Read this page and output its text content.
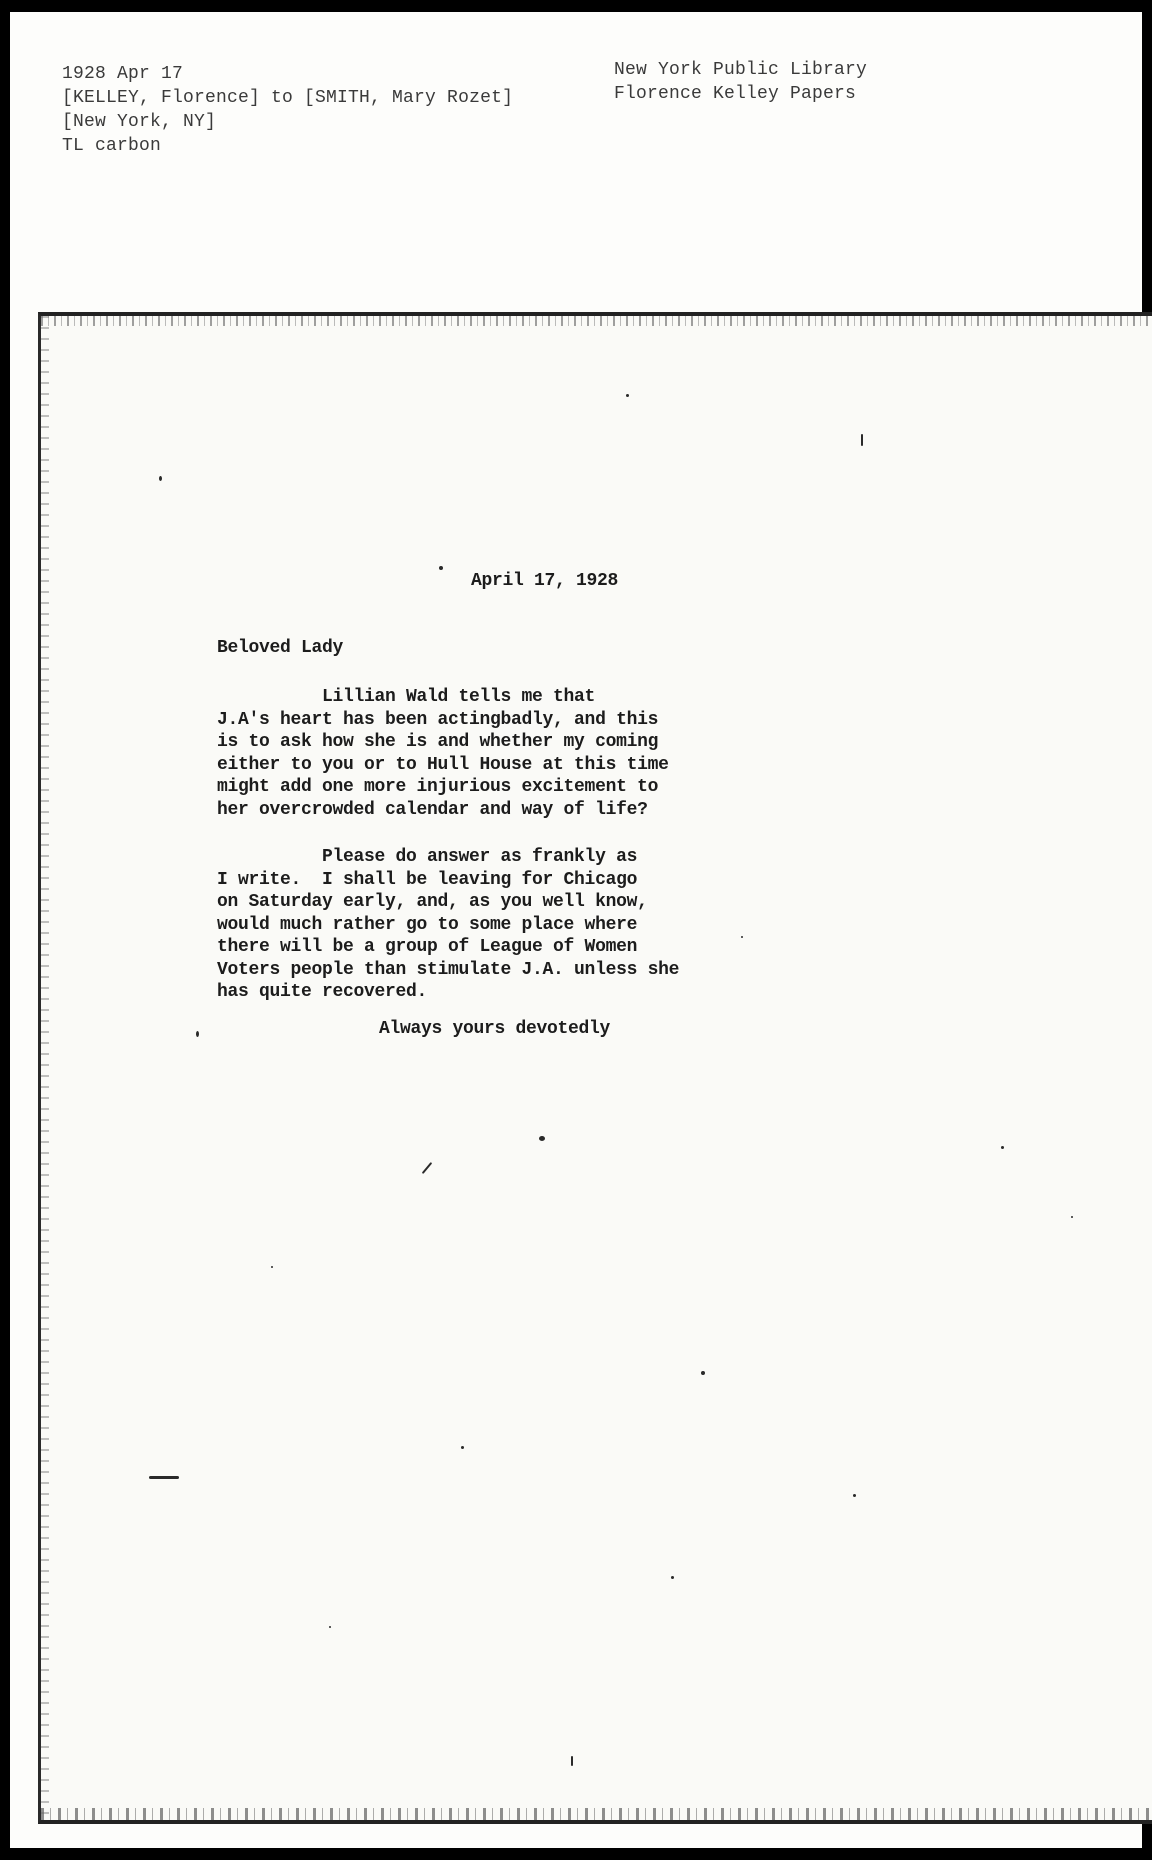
1928 Apr 17
[KELLEY, Florence] to [SMITH, Mary Rozet]
[New York, NY]
TL carbon
New York Public Library
Florence Kelley Papers
April 17, 1928
Beloved Lady
Lillian Wald tells me that
J.A's heart has been actingbadly, and this
is to ask how she is and whether my coming
either to you or to Hull House at this time
might add one more injurious excitement to
her overcrowded calendar and way of life?
Please do answer as frankly as
I write.  I shall be leaving for Chicago
on Saturday early, and, as you well know,
would much rather go to some place where
there will be a group of League of Women
Voters people than stimulate J.A. unless she
has quite recovered.
Always yours devotedly
